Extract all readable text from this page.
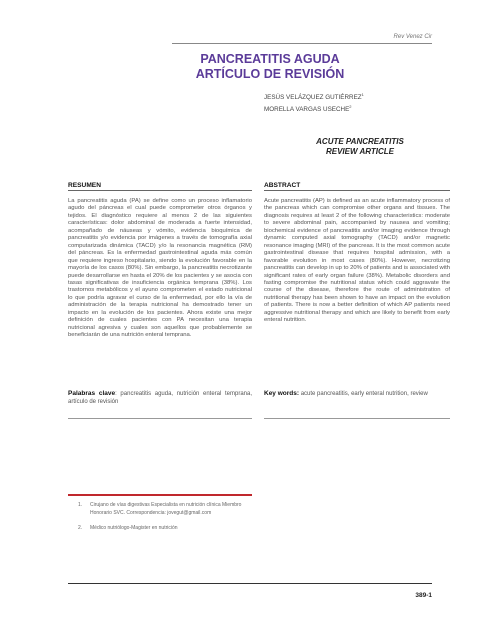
Rev Venez Cir
PANCREATITIS AGUDA
ARTÍCULO DE REVISIÓN
JESÚS VELÁZQUEZ GUTIÉRREZ$^1$
MORELLA VARGAS USECHE$^2$
ACUTE PANCREATITIS
REVIEW ARTICLE
RESUMEN	ABSTRACT

La pancreatitis aguda (PA) se define como un proceso inflamatorio agudo del páncreas el cual puede comprometer otros órganos y tejidos. El diagnóstico requiere al menos 2 de las siguientes características: dolor abdominal de moderada a fuerte intensidad, acompañado de náuseas y vómito, evidencia bioquímica de pancreatitis y/o evidencia por imágenes a través de tomografía axial computarizada dinámica (TACD) y/o la resonancia magnética (RM) del páncreas. Es la enfermedad gastrointestinal aguda más común que requiere ingreso hospitalario, siendo la evolución favorable en la mayoría de los casos (80%). Sin embargo, la pancreatitis necrotizante puede desarrollarse en hasta el 20% de los pacientes y se asocia con tasas significativas de insuficiencia orgánica temprana (38%). Los trastornos metabólicos y el ayuno comprometen el estado nutricional lo que podría agravar el curso de la enfermedad, por ello la vía de administración de la terapia nutricional ha demostrado tener un impacto en la evolución de los pacientes. Ahora existe una mejor definición de cuales pacientes con PA necesitan una terapia nutricional agresiva y cuales son aquellos que probablemente se beneficiarán de una nutrición enteral temprana.

Acute pancreatitis (AP) is defined as an acute inflammatory process of the pancreas which can compromise other organs and tissues. The diagnosis requires at least 2 of the following characteristics: moderate to severe abdominal pain, accompanied by nausea and vomiting; biochemical evidence of pancreatitis and/or imaging evidence through dynamic computed axial tomography (TACD) and/or magnetic resonance imaging (MRI) of the pancreas. It is the most common acute gastrointestinal disease that requires hospital admission, with a favorable evolution in most cases (80%). However, necrotizing pancreatitis can develop in up to 20% of patients and is associated with significant rates of early organ failure (38%). Metabolic disorders and fasting compromise the nutritional status which could aggravate the course of the disease, therefore the route of administration of nutritional therapy has been shown to have an impact on the evolution of patients. There is now a better definition of which AP patients need aggressive nutritional therapy and which are likely to benefit from early enteral nutrition.

Palabras clave: pancreatitis aguda, nutrición enteral temprana, artículo de revisión

Key words: acute pancreatitis, early enteral nutrition, review

1.	Cirujano de vías digestivas Especialista en nutrición clínica Miembro Honorario SVC. Correspondencia: jovegut@gmail.com
2.	Médico nutriólogo-Magister en nutrición
389-1
